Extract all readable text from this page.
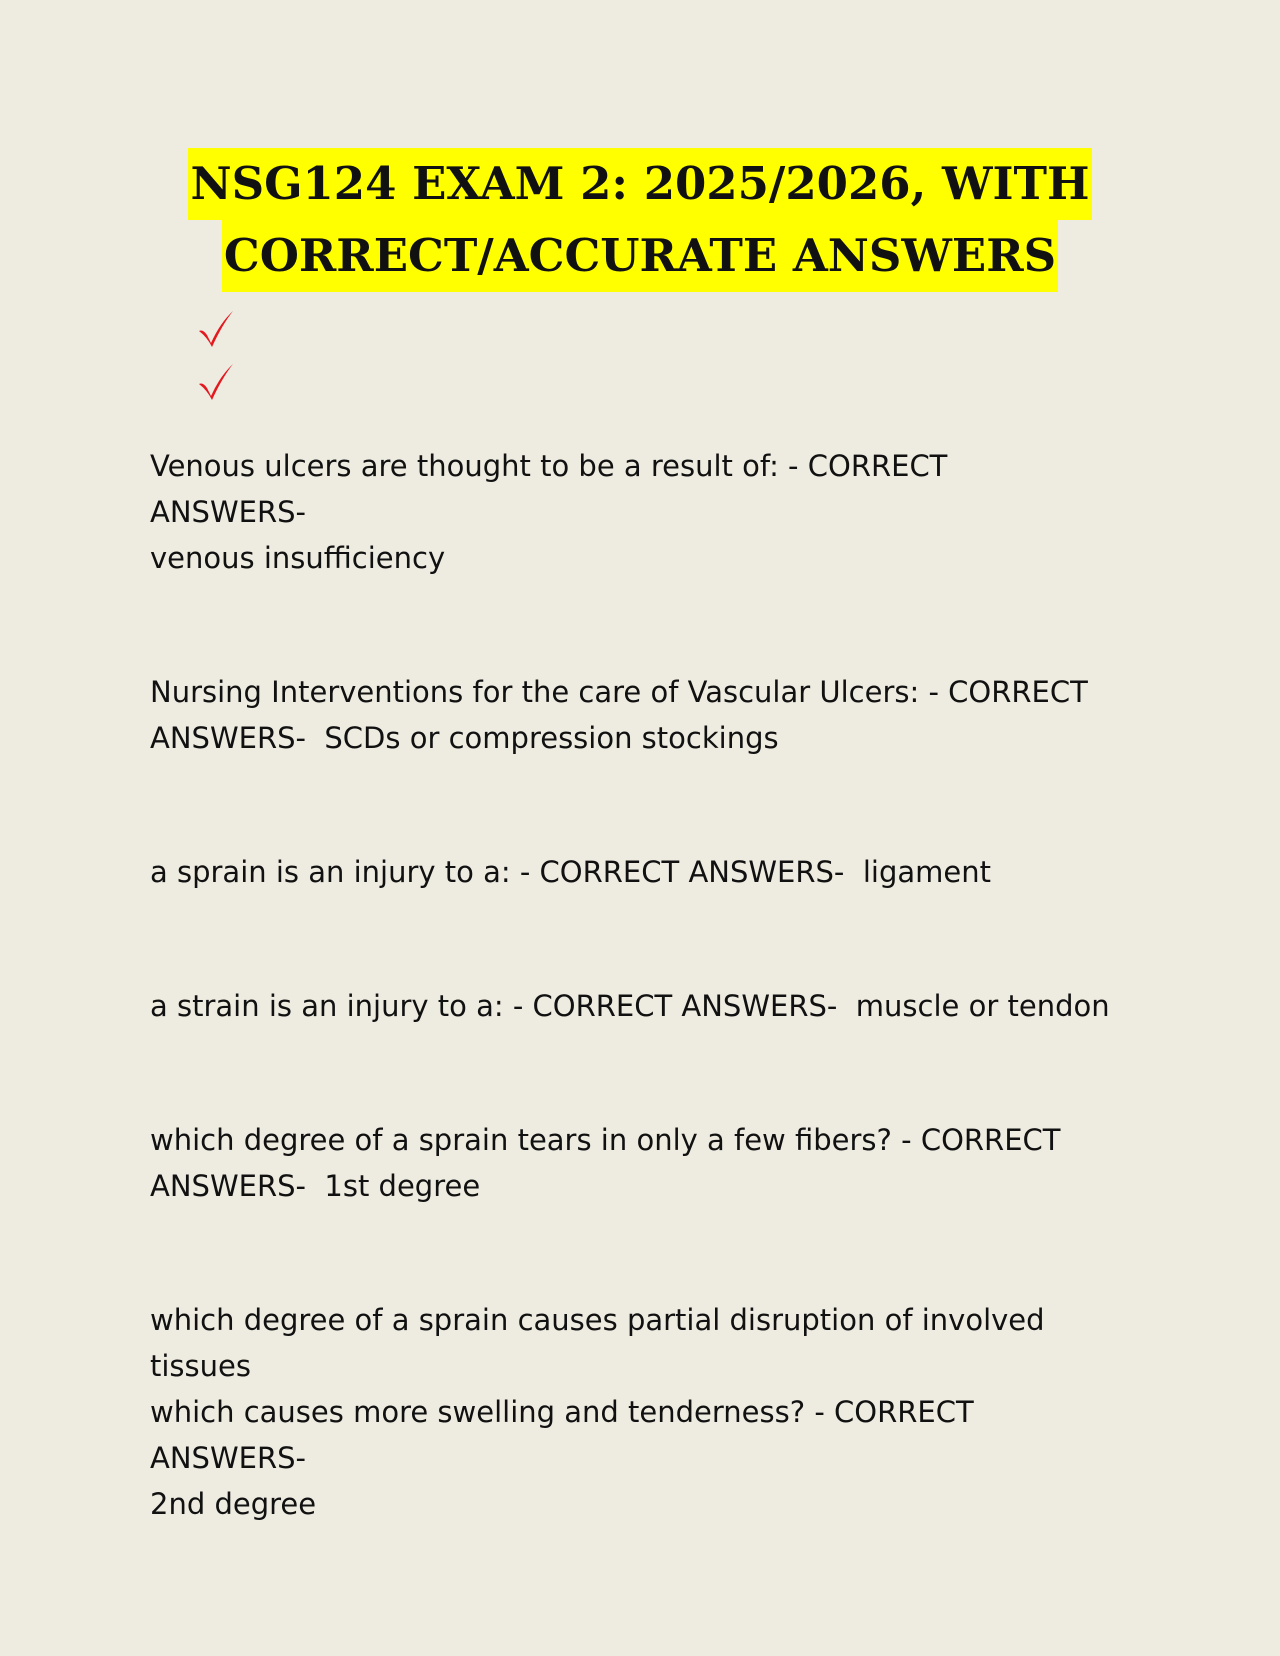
NSG124 EXAM 2: 2025/2026, WITH
CORRECT/ACCURATE ANSWERS
Venous ulcers are thought to be a result of: - CORRECT ANSWERS-
venous insufficiency
Nursing Interventions for the care of Vascular Ulcers: - CORRECT
ANSWERS-  SCDs or compression stockings
a sprain is an injury to a: - CORRECT ANSWERS-  ligament
a strain is an injury to a: - CORRECT ANSWERS-  muscle or tendon
which degree of a sprain tears in only a few fibers? - CORRECT
ANSWERS-  1st degree
which degree of a sprain causes partial disruption of involved tissues
which causes more swelling and tenderness? - CORRECT ANSWERS-
2nd degree
